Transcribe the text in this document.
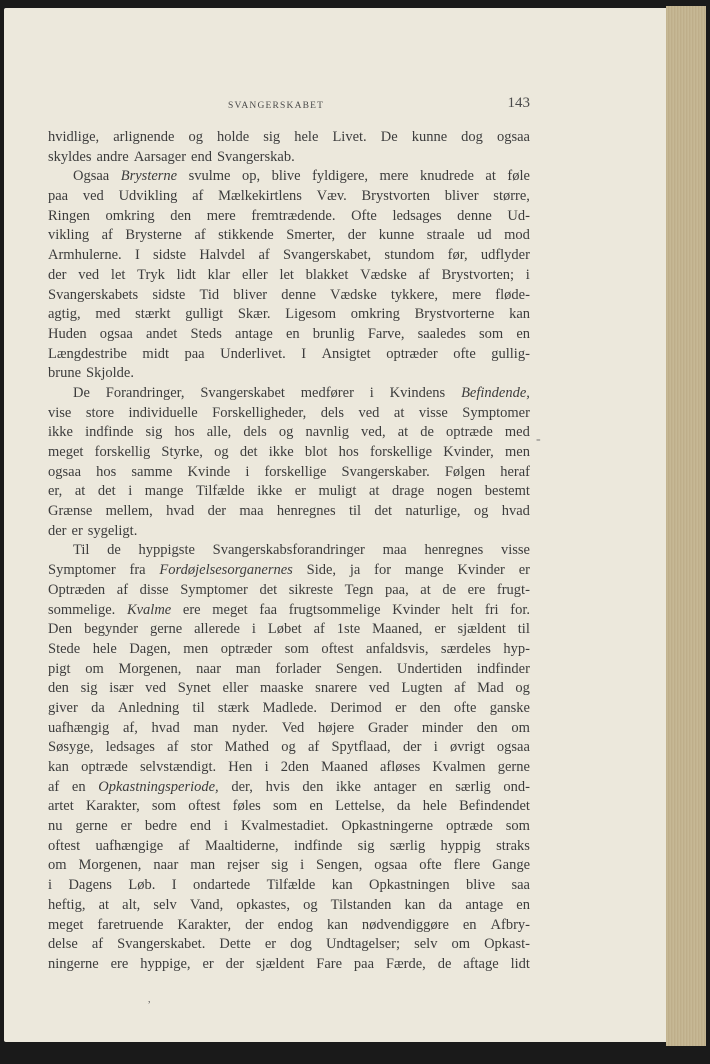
SVANGERSKABET	143
hvidlige, arlignende og holde sig hele Livet. De kunne dog ogsaa
skyldes andre Aarsager end Svangerskab.
Ogsaa Brysterne svulme op, blive fyldigere, mere knudrede at føle
paa ved Udvikling af Mælkekirtlens Væv. Brystvorten bliver større,
Ringen omkring den mere fremtrædende. Ofte ledsages denne Ud-
vikling af Brysterne af stikkende Smerter, der kunne straale ud mod
Armhulerne. I sidste Halvdel af Svangerskabet, stundom før, udflyder
der ved let Tryk lidt klar eller let blakket Vædske af Brystvorten; i
Svangerskabets sidste Tid bliver denne Vædske tykkere, mere fløde-
agtig, med stærkt gulligt Skær. Ligesom omkring Brystvorterne kan
Huden ogsaa andet Steds antage en brunlig Farve, saaledes som en
Længdestribe midt paa Underlivet. I Ansigtet optræder ofte gullig-
brune Skjolde.
De Forandringer, Svangerskabet medfører i Kvindens Befindende,
vise store individuelle Forskelligheder, dels ved at visse Symptomer
ikke indfinde sig hos alle, dels og navnlig ved, at de optræde med
meget forskellig Styrke, og det ikke blot hos forskellige Kvinder, men
ogsaa hos samme Kvinde i forskellige Svangerskaber. Følgen heraf
er, at det i mange Tilfælde ikke er muligt at drage nogen bestemt
Grænse mellem, hvad der maa henregnes til det naturlige, og hvad
der er sygeligt.
Til de hyppigste Svangerskabsforandringer maa henregnes visse
Symptomer fra Fordøjelsesorganernes Side, ja for mange Kvinder er
Optræden af disse Symptomer det sikreste Tegn paa, at de ere frugt-
sommelige. Kvalme ere meget faa frugtsommelige Kvinder helt fri for.
Den begynder gerne allerede i Løbet af 1ste Maaned, er sjældent til
Stede hele Dagen, men optræder som oftest anfaldsvis, særdeles hyp-
pigt om Morgenen, naar man forlader Sengen. Undertiden indfinder
den sig især ved Synet eller maaske snarere ved Lugten af Mad og
giver da Anledning til stærk Madlede. Derimod er den ofte ganske
uafhængig af, hvad man nyder. Ved højere Grader minder den om
Søsyge, ledsages af stor Mathed og af Spytflaad, der i øvrigt ogsaa
kan optræde selvstændigt. Hen i 2den Maaned afløses Kvalmen gerne
af en Opkastningsperiode, der, hvis den ikke antager en særlig ond-
artet Karakter, som oftest føles som en Lettelse, da hele Befindendet
nu gerne er bedre end i Kvalmestadiet. Opkastningerne optræde som
oftest uafhængige af Maaltiderne, indfinde sig særlig hyppig straks
om Morgenen, naar man rejser sig i Sengen, ogsaa ofte flere Gange
i Dagens Løb. I ondartede Tilfælde kan Opkastningen blive saa
heftig, at alt, selv Vand, opkastes, og Tilstanden kan da antage en
meget faretruende Karakter, der endog kan nødvendiggøre en Afbry-
delse af Svangerskabet. Dette er dog Undtagelser; selv om Opkast-
ningerne ere hyppige, er der sjældent Fare paa Færde, de aftage lidt
-
,
